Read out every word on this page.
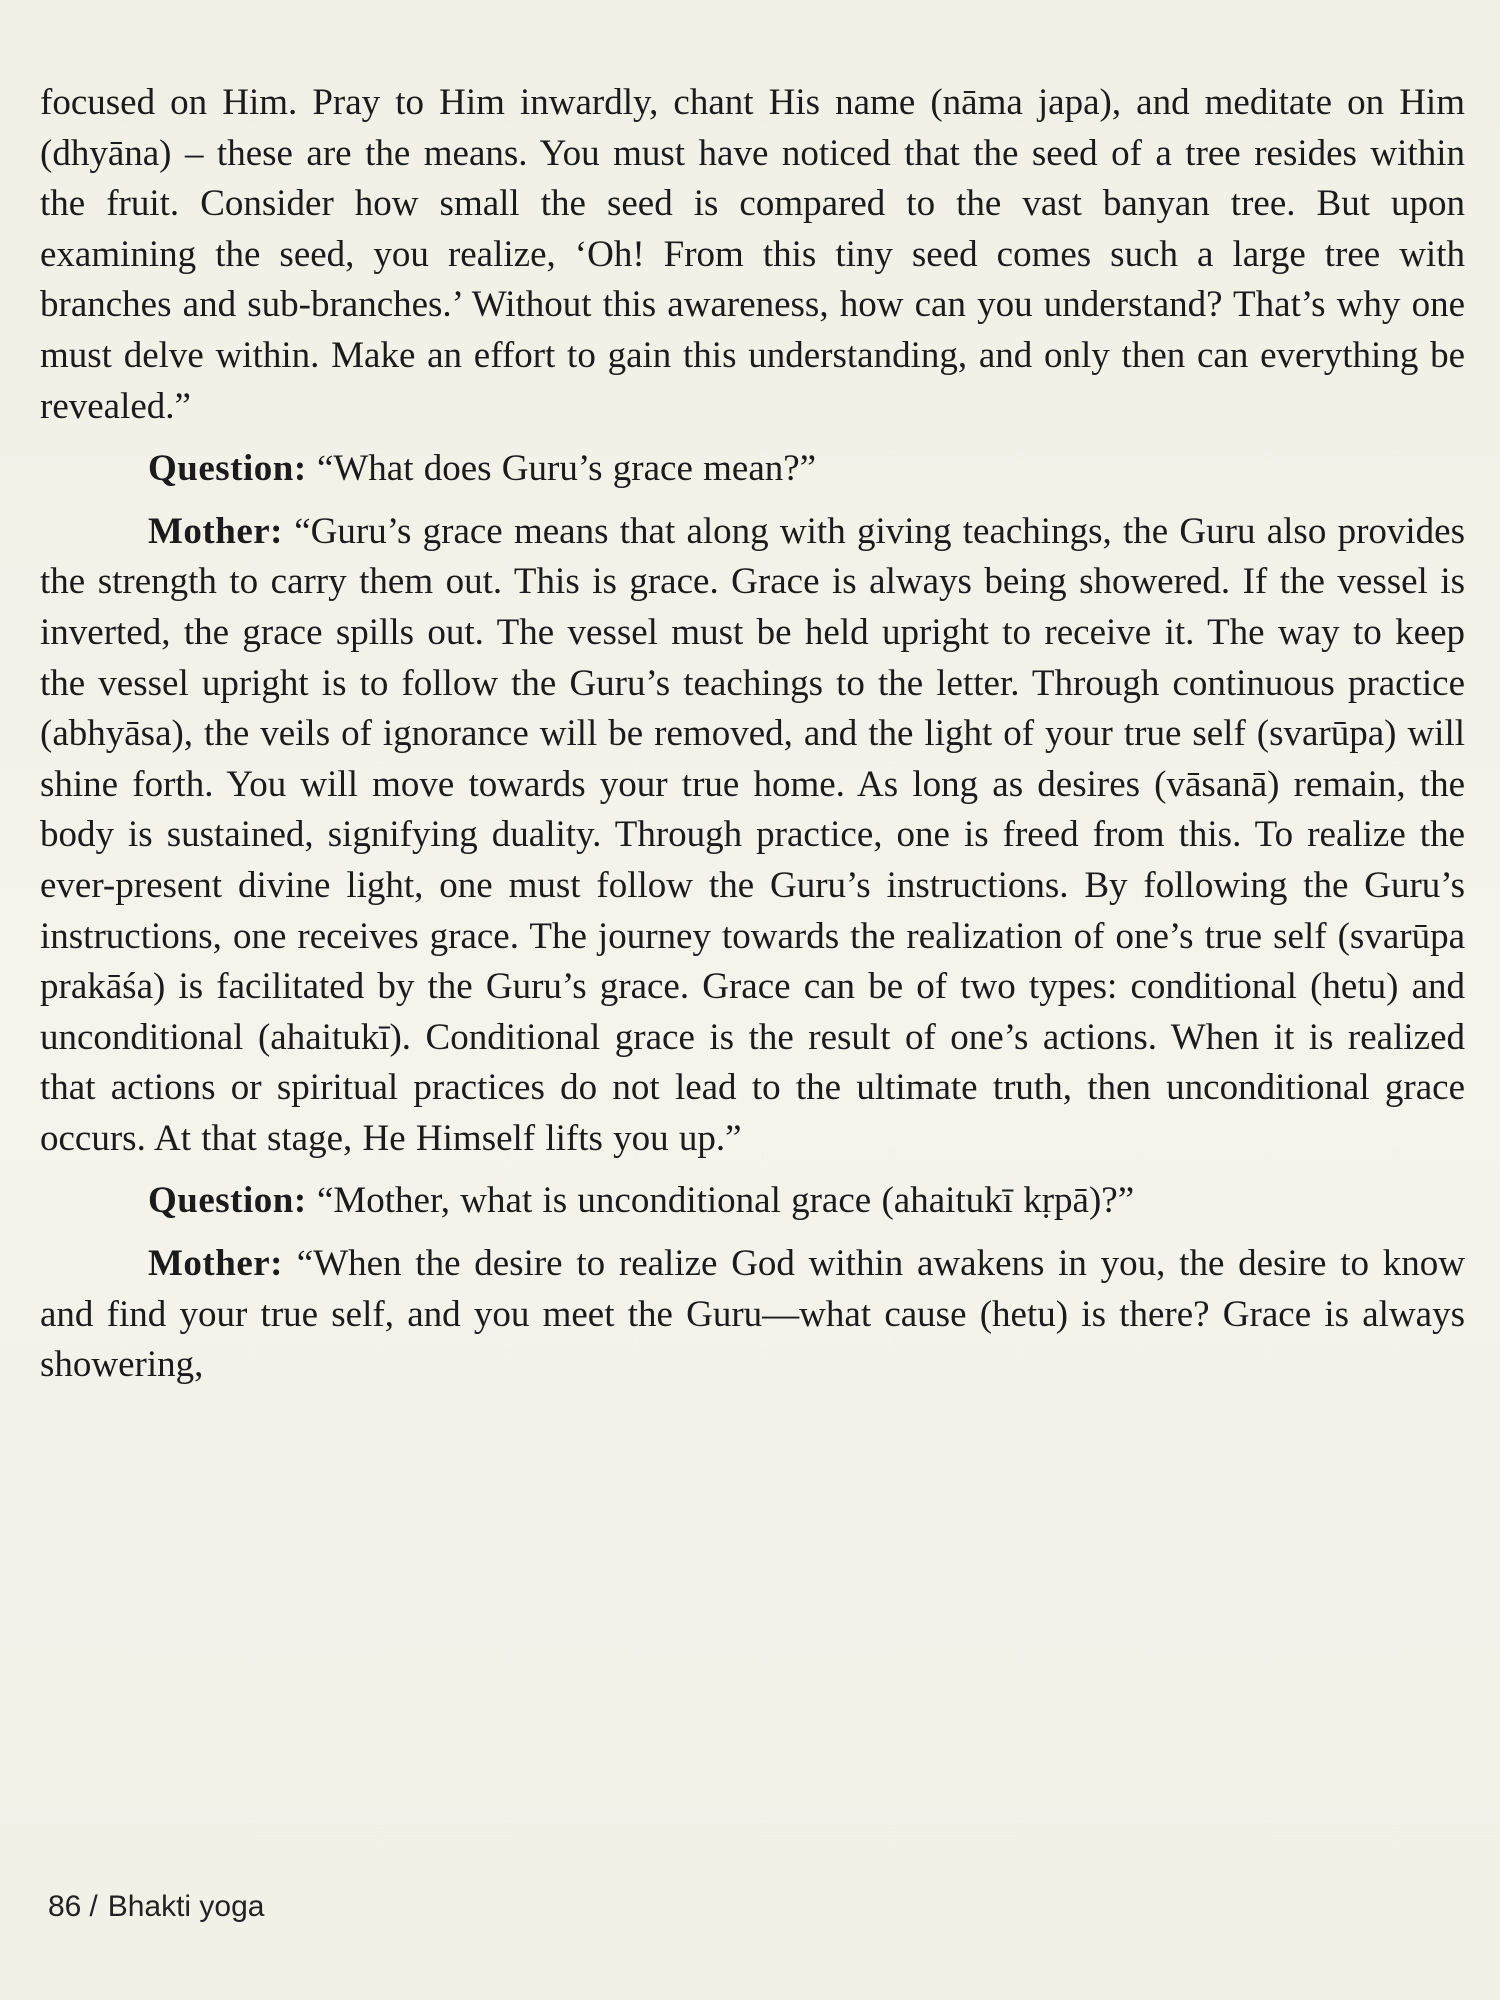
focused on Him. Pray to Him inwardly, chant His name (nāma japa), and meditate on Him (dhyāna) – these are the means. You must have noticed that the seed of a tree resides within the fruit. Consider how small the seed is compared to the vast banyan tree. But upon examining the seed, you realize, ‘Oh! From this tiny seed comes such a large tree with branches and sub-branches.’ Without this awareness, how can you understand? That’s why one must delve within. Make an effort to gain this understanding, and only then can everything be revealed.”

Question: “What does Guru’s grace mean?”

Mother: “Guru’s grace means that along with giving teachings, the Guru also provides the strength to carry them out. This is grace. Grace is always being showered. If the vessel is inverted, the grace spills out. The vessel must be held upright to receive it. The way to keep the vessel upright is to follow the Guru’s teachings to the letter. Through continuous practice (abhyāsa), the veils of ignorance will be removed, and the light of your true self (svarūpa) will shine forth. You will move towards your true home. As long as desires (vāsanā) remain, the body is sustained, signifying duality. Through practice, one is freed from this. To realize the ever-present divine light, one must follow the Guru’s instructions. By following the Guru’s instructions, one receives grace. The journey towards the realization of one’s true self (svarūpa prakāśa) is facilitated by the Guru’s grace. Grace can be of two types: conditional (hetu) and unconditional (ahaitukī). Conditional grace is the result of one’s actions. When it is realized that actions or spiritual practices do not lead to the ultimate truth, then unconditional grace occurs. At that stage, He Himself lifts you up.”

Question: “Mother, what is unconditional grace (ahaitukī kṛpā)?”

Mother: “When the desire to realize God within awakens in you, the desire to know and find your true self, and you meet the Guru—what cause (hetu) is there? Grace is always showering,

86 / Bhakti yoga
